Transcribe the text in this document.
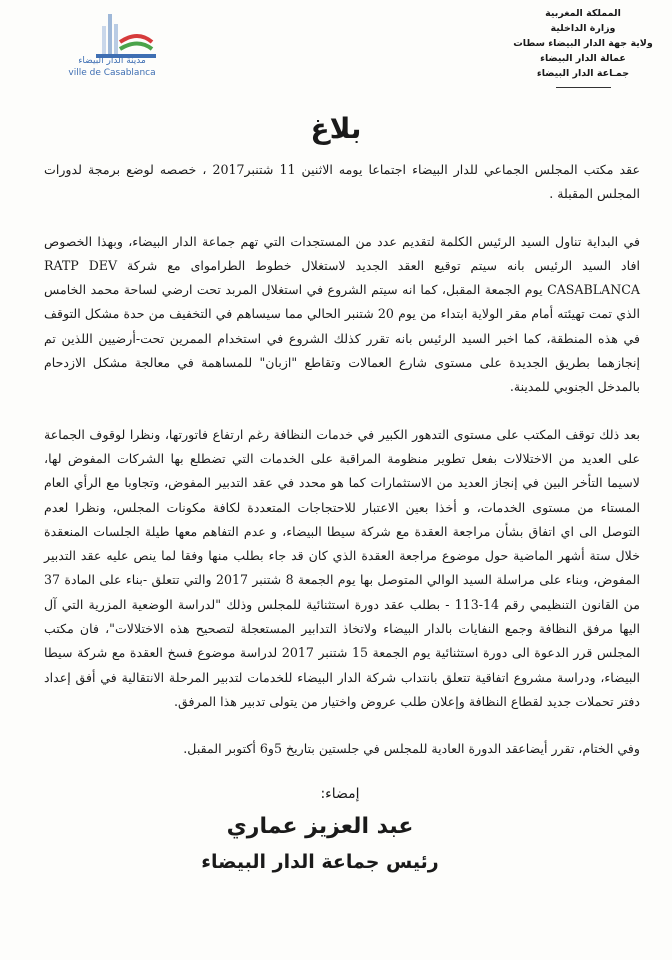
المملكة المغربية
وزارة الداخلية
ولاية جهة الدار البيضاء سطات
عمالة الدار البيضاء
جمـاعة الدار البيضاء
مدينة الدار البيضاء
ville de Casablanca
بلاغ

عقد مكتب المجلس الجماعي للدار البيضاء اجتماعا يومه الاثنين 11 شتنبر2017 ، خصصه لوضع برمجة لدورات المجلس المقبلة .

في البداية تناول السيد الرئيس الكلمة لتقديم عدد من المستجدات التي تهم جماعة الدار البيضاء، وبهذا الخصوص افاد السيد الرئيس بانه سيتم توقيع العقد الجديد لاستغلال خطوط الطراموای مع شركة RATP DEV CASABLANCA يوم الجمعة المقبل، كما انه سيتم الشروع في استغلال المربد تحت ارضي لساحة محمد الخامس الذي تمت تهيئته أمام مقر الولاية ابتداء من يوم 20 شتنبر الحالي مما سيساهم في التخفيف من حدة مشكل التوقف في هذه المنطقة، كما اخبر السيد الرئيس بانه تقرر كذلك الشروع في استخدام الممرين تحت-أرضيين اللذين تم إنجازهما بطريق الجديدة على مستوى شارع العمالات وتقاطع "ازبان" للمساهمة في معالجة مشكل الازدحام بالمدخل الجنوبي للمدينة.

بعد ذلك توقف المكتب على مستوى التدهور الكبير في خدمات النظافة رغم ارتفاع فاتورتها، ونظرا لوقوف الجماعة على العديد من الاختلالات بفعل تطوير منظومة المراقبة على الخدمات التي تضطلع بها الشركات المفوض لها، لاسيما التأخر البين في إنجاز العديد من الاستثمارات كما هو محدد في عقد التدبير المفوض، وتجاوبا مع الرأي العام المستاء من مستوى الخدمات، و أخذا بعين الاعتبار للاحتجاجات المتعددة لكافة مكونات المجلس، ونظرا لعدم التوصل الى اي اتفاق بشأن مراجعة العقدة مع شركة سيطا البيضاء، و عدم التفاهم معها طيلة الجلسات المنعقدة خلال ستة أشهر الماضية حول موضوع مراجعة العقدة الذي كان قد جاء بطلب منها وفقا لما ينص عليه عقد التدبير المفوض، وبناء على مراسلة السيد الوالي المتوصل بها يوم الجمعة 8 شتنبر 2017 والتي تتعلق -بناء على المادة 37 من القانون التنظيمي رقم 14-113 - بطلب عقد دورة استثنائية للمجلس وذلك "لدراسة الوضعية المزرية التي آل اليها مرفق النظافة وجمع النفايات بالدار البيضاء ولاتخاذ التدابير المستعجلة لتصحيح هذه الاختلالات"، فان مكتب المجلس قرر الدعوة الى دورة استثنائية يوم الجمعة 15 شتنبر 2017 لدراسة موضوع فسخ العقدة مع شركة سيطا البيضاء، ودراسة مشروع اتفاقية تتعلق بانتداب شركة الدار البيضاء للخدمات لتدبير المرحلة الانتقالية في أفق إعداد دفتر تحملات جديد لقطاع النظافة وإعلان طلب عروض واختيار من يتولى تدبير هذا المرفق.

وفي الختام، تقرر أيضاعقد الدورة العادية للمجلس في جلستين بتاريخ 5و6 أكتوبر المقبل.

إمضاء:
عبد العزيز عماري
رئيس جماعة الدار البيضاء
